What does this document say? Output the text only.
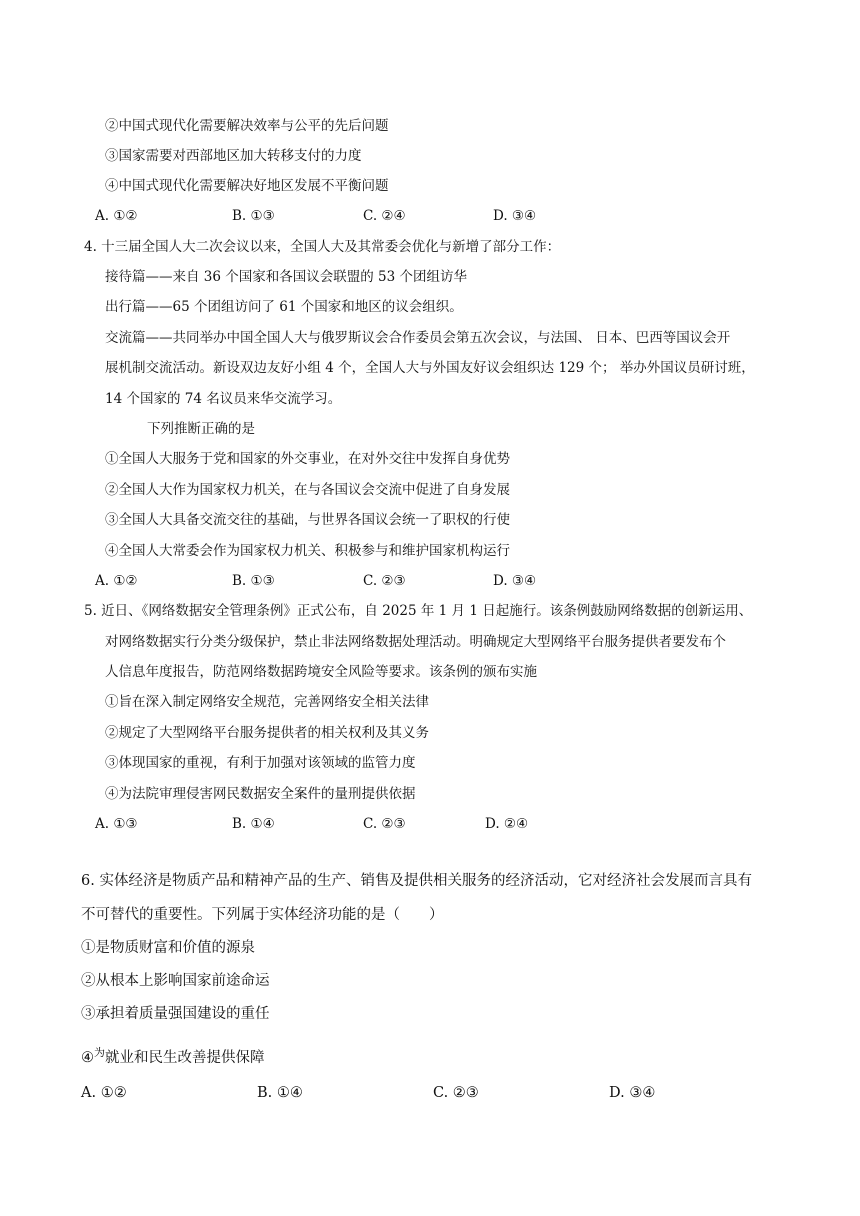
②中国式现代化需要解决效率与公平的先后问题
③国家需要对西部地区加大转移支付的力度
④中国式现代化需要解决好地区发展不平衡问题
A. ①②	B. ①③	C. ②④	D. ③④
4. 十三届全国人大二次会议以来，全国人大及其常委会优化与新增了部分工作：
接待篇——来自 36 个国家和各国议会联盟的 53 个团组访华
出行篇——65 个团组访问了 61 个国家和地区的议会组织。
交流篇——共同举办中国全国人大与俄罗斯议会合作委员会第五次会议，与法国、 日本、巴西等国议会开
展机制交流活动。新设双边友好小组 4 个，全国人大与外国友好议会组织达 129 个； 举办外国议员研讨班，
14 个国家的 74 名议员来华交流学习。
下列推断正确的是
①全国人大服务于党和国家的外交事业，在对外交往中发挥自身优势
②全国人大作为国家权力机关，在与各国议会交流中促进了自身发展
③全国人大具备交流交往的基础，与世界各国议会统一了职权的行使
④全国人大常委会作为国家权力机关、积极参与和维护国家机构运行
A. ①②	B. ①③	C. ②③	D. ③④
5. 近日、《网络数据安全管理条例》正式公布，自 2025 年 1 月 1 日起施行。该条例鼓励网络数据的创新运用、
对网络数据实行分类分级保护，禁止非法网络数据处理活动。明确规定大型网络平台服务提供者要发布个
人信息年度报告，防范网络数据跨境安全风险等要求。该条例的颁布实施
①旨在深入制定网络安全规范，完善网络安全相关法律
②规定了大型网络平台服务提供者的相关权利及其义务
③体现国家的重视，有利于加强对该领域的监管力度
④为法院审理侵害网民数据安全案件的量刑提供依据
A. ①③	B. ①④	C. ②③	D. ②④
6. 实体经济是物质产品和精神产品的生产、销售及提供相关服务的经济活动，它对经济社会发展而言具有
不可替代的重要性。下列属于实体经济功能的是（　　）
①是物质财富和价值的源泉
②从根本上影响国家前途命运
③承担着质量强国建设的重任
④$^为$就业和民生改善提供保障
A. ①②	B. ①④	C. ②③	D. ③④
